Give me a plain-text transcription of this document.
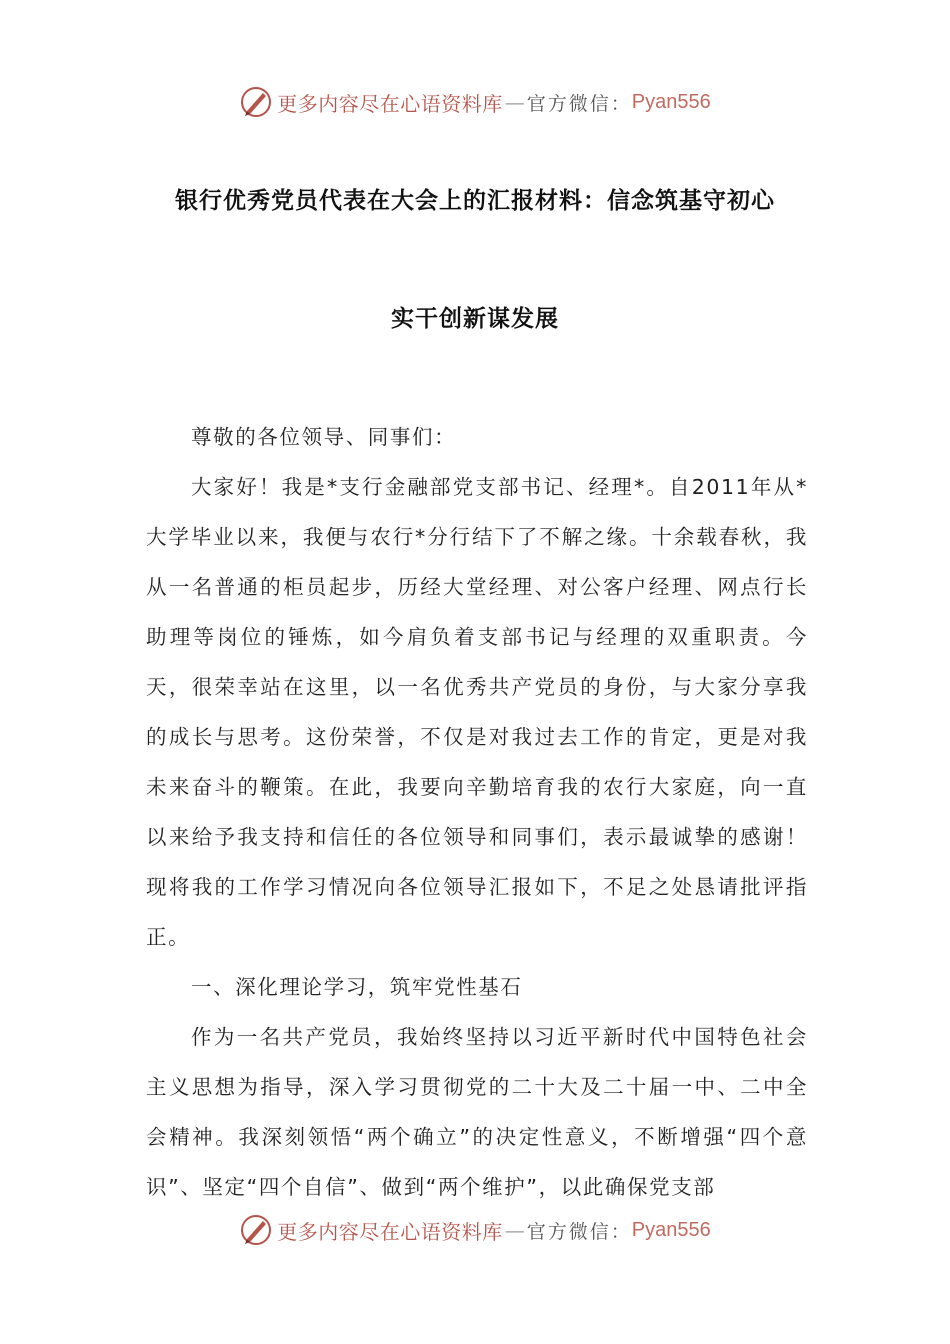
更多内容尽在心语资料库 — 官方微信： Pyan556
银行优秀党员代表在大会上的汇报材料：信念筑基守初心
实干创新谋发展

尊敬的各位领导、同事们：

大家好！我是*支行金融部党支部书记、经理*。自2011年从*大学毕业以来，我便与农行*分行结下了不解之缘。十余载春秋，我从一名普通的柜员起步，历经大堂经理、对公客户经理、网点行长助理等岗位的锤炼，如今肩负着支部书记与经理的双重职责。今天，很荣幸站在这里，以一名优秀共产党员的身份，与大家分享我的成长与思考。这份荣誉，不仅是对我过去工作的肯定，更是对我未来奋斗的鞭策。在此，我要向辛勤培育我的农行大家庭，向一直以来给予我支持和信任的各位领导和同事们，表示最诚挚的感谢！现将我的工作学习情况向各位领导汇报如下，不足之处恳请批评指正。

一、深化理论学习，筑牢党性基石

作为一名共产党员，我始终坚持以习近平新时代中国特色社会主义思想为指导，深入学习贯彻党的二十大及二十届一中、二中全会精神。我深刻领悟“两个确立”的决定性意义，不断增强“四个意识”、坚定“四个自信”、做到“两个维护”，以此确保党支部

更多内容尽在心语资料库 — 官方微信： Pyan556
